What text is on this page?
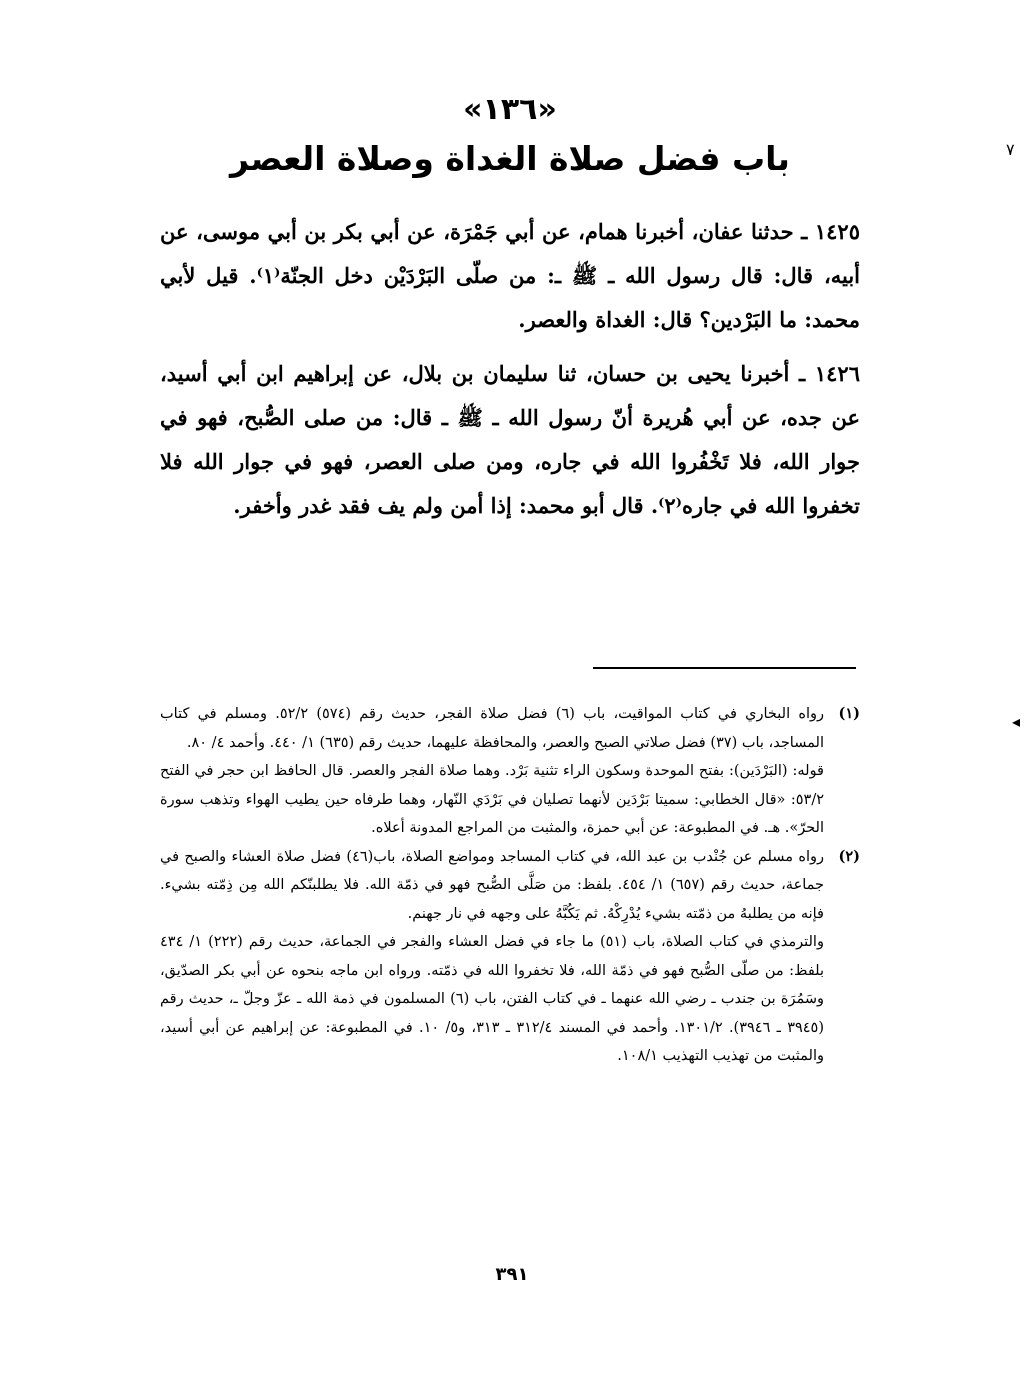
«١٣٦»
باب فضل صلاة الغداة وصلاة العصر

١٤٢٥ ـ حدثنا عفان، أخبرنا همام، عن أبي جَمْرَة، عن أبي بكر بن أبي موسى، عن أبيه، قال: قال رسول الله ـ ﷺ ـ: من صلّى البَرْدَيْن دخل الجنّة⁽١⁾. قيل لأبي محمد: ما البَرْدين؟ قال: الغداة والعصر.

١٤٢٦ ـ أخبرنا يحيى بن حسان، ثنا سليمان بن بلال، عن إبراهيم ابن أبي أسيد، عن جده، عن أبي هُريرة أنّ رسول الله ـ ﷺ ـ قال: من صلى الصُّبح، فهو في جوار الله، فلا تَخْفُروا الله في جاره، ومن صلى العصر، فهو في جوار الله فلا تخفروا الله في جاره⁽٢⁾. قال أبو محمد: إذا أمن ولم يف فقد غدر وأخفر.

(١)

رواه البخاري في كتاب المواقيت، باب (٦) فضل صلاة الفجر، حديث رقم (٥٧٤) ٥٢/٢. ومسلم في كتاب المساجد، باب (٣٧) فضل صلاتي الصبح والعصر، والمحافظة عليهما، حديث رقم (٦٣٥) ١/ ٤٤٠. وأحمد ٤/ ٨٠.

قوله: (البَرْدَين): بفتح الموحدة وسكون الراء تثنية بَرْد. وهما صلاة الفجر والعصر. قال الحافظ ابن حجر في الفتح ٥٣/٢: «قال الخطابي: سميتا بَرْدَين لأنهما تصليان في بَرْدَي النّهار، وهما طرفاه حين يطيب الهواء وتذهب سورة الحرّ». هـ. في المطبوعة: عن أبي حمزة، والمثبت من المراجع المدونة أعلاه.

(٢)

رواه مسلم عن جُنْدب بن عبد الله، في كتاب المساجد ومواضع الصلاة، باب(٤٦) فضل صلاة العشاء والصبح في جماعة، حديث رقم (٦٥٧) ١/ ٤٥٤. بلفظ: من صَلَّى الصُّبح فهو في ذمّة الله. فلا يطلبنّكم الله مِن ذِمّته بشيء. فإنه من يطلبهُ من ذمّته بشيء يُدْرِكْهُ. ثم يَكُبَّهُ على وجهه في نار جهنم.

والترمذي في كتاب الصلاة، باب (٥١) ما جاء في فضل العشاء والفجر في الجماعة، حديث رقم (٢٢٢) ١/ ٤٣٤ بلفظ: من صلّى الصُّبح فهو في ذمّة الله، فلا تخفروا الله في ذمّته. ورواه ابن ماجه بنحوه عن أبي بكر الصدّيق، وسَمُرَة بن جندب ـ رضي الله عنهما ـ في كتاب الفتن، باب (٦) المسلمون في ذمة الله ـ عزّ وجلّ ـ، حديث رقم (٣٩٤٥ ـ ٣٩٤٦). ١٣٠١/٢. وأحمد في المسند ٣١٢/٤ ـ ٣١٣، و٥/ ١٠. في المطبوعة: عن إبراهيم عن أبي أسيد، والمثبت من تهذيب التهذيب ١٠٨/١.

٣٩١
٧
◂
